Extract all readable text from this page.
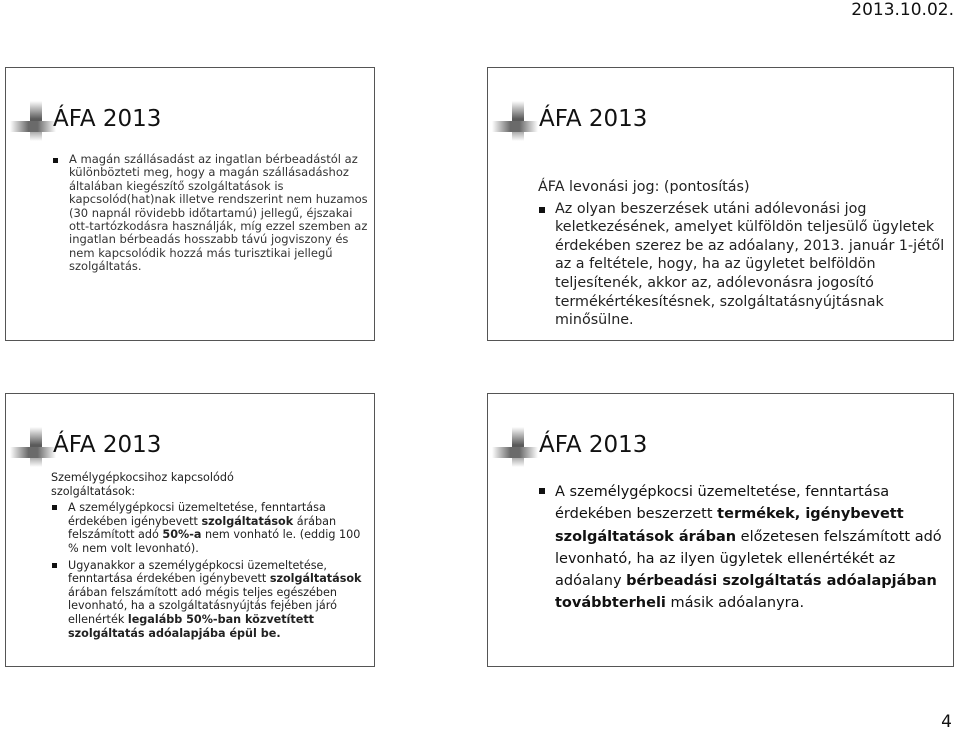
2013.10.02.
ÁFA 2013
A magán szállásadást az ingatlan bérbeadástól az különbözteti meg, hogy a magán szállásadáshoz általában kiegészítő szolgáltatások is kapcsolód(hat)nak illetve rendszerint nem huzamos (30 napnál rövidebb időtartamú) jellegű, éjszakai ott-tartózkodásra használják, míg ezzel szemben az ingatlan bérbeadás hosszabb távú jogviszony és nem kapcsolódik hozzá más turisztikai jellegű szolgáltatás.
ÁFA 2013
ÁFA levonási jog: (pontosítás)
Az olyan beszerzések utáni adólevonási jog keletkezésének, amelyet külföldön teljesülő ügyletek érdekében szerez be az adóalany, 2013. január 1-jétől az a feltétele, hogy, ha az ügyletet belföldön teljesítenék, akkor az, adólevonásra jogosító termékértékesítésnek, szolgáltatásnyújtásnak minősülne.
ÁFA 2013
Személygépkocsihoz kapcsolódó
szolgáltatások:
A személygépkocsi üzemeltetése, fenntartása érdekében igénybevett szolgáltatások árában felszámított adó 50%-a nem vonható le. (eddig 100 % nem volt levonható).
Ugyanakkor a személygépkocsi üzemeltetése, fenntartása érdekében igénybevett szolgáltatások árában felszámított adó mégis teljes egészében levonható, ha a szolgáltatásnyújtás fejében járó ellenérték legalább 50%-ban közvetített szolgáltatás adóalapjába épül be.
ÁFA 2013
A személygépkocsi üzemeltetése, fenntartása érdekében beszerzett termékek, igénybevett szolgáltatások árában előzetesen felszámított adó levonható, ha az ilyen ügyletek ellenértékét az adóalany bérbeadási szolgáltatás adóalapjában továbbterheli másik adóalanyra.
4
